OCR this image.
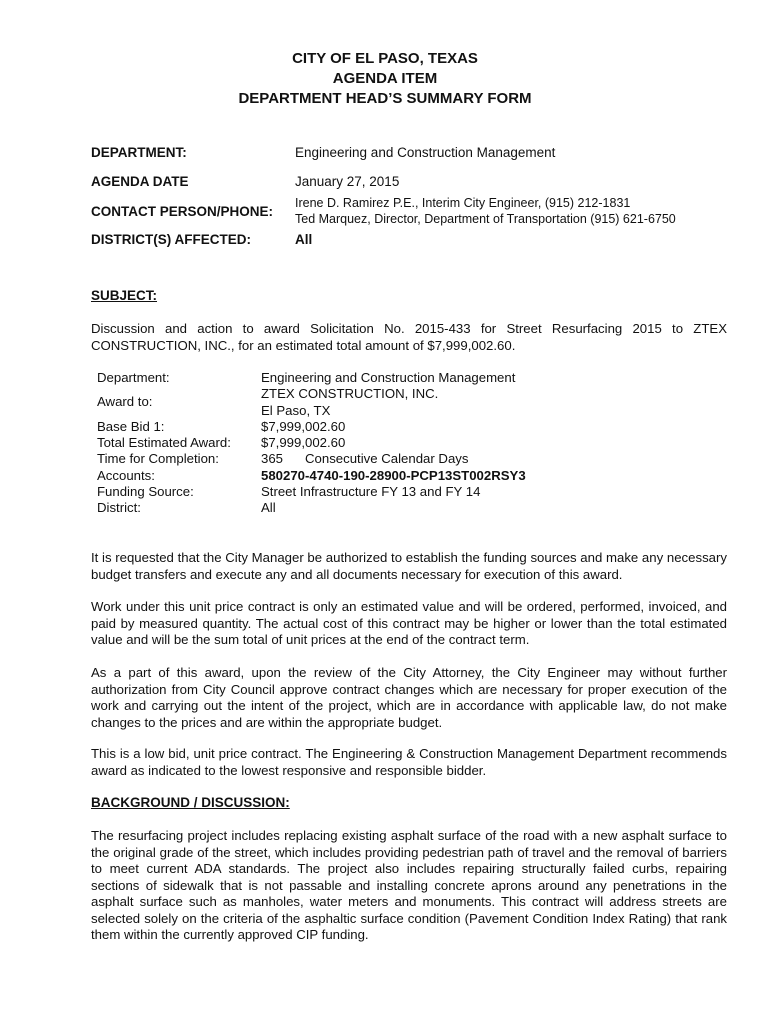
CITY OF EL PASO, TEXAS
AGENDA ITEM
DEPARTMENT HEAD’S SUMMARY FORM
DEPARTMENT:	Engineering and Construction Management
AGENDA DATE	January 27, 2015
CONTACT PERSON/PHONE:
Irene D. Ramirez P.E., Interim City Engineer, (915) 212-1831
Ted Marquez, Director, Department of Transportation (915) 621-6750
DISTRICT(S) AFFECTED:	All
SUBJECT:
Discussion and action to award Solicitation No. 2015-433 for Street Resurfacing 2015 to ZTEX CONSTRUCTION, INC., for an estimated total amount of $7,999,002.60.
Department:	Engineering and Construction Management
Award to:
ZTEX CONSTRUCTION, INC.
El Paso, TX
Base Bid 1:	$7,999,002.60
Total Estimated Award: $7,999,002.60
Time for Completion:	365 Consecutive Calendar Days
Accounts:	580270-4740-190-28900-PCP13ST002RSY3
Funding Source:	Street Infrastructure FY 13 and FY 14
District:	All
It is requested that the City Manager be authorized to establish the funding sources and make any necessary budget transfers and execute any and all documents necessary for execution of this award.
Work under this unit price contract is only an estimated value and will be ordered, performed, invoiced, and paid by measured quantity. The actual cost of this contract may be higher or lower than the total estimated value and will be the sum total of unit prices at the end of the contract term.
As a part of this award, upon the review of the City Attorney, the City Engineer may without further authorization from City Council approve contract changes which are necessary for proper execution of the work and carrying out the intent of the project, which are in accordance with applicable law, do not make changes to the prices and are within the appropriate budget.
This is a low bid, unit price contract. The Engineering & Construction Management Department recommends award as indicated to the lowest responsive and responsible bidder.
BACKGROUND / DISCUSSION:
The resurfacing project includes replacing existing asphalt surface of the road with a new asphalt surface to the original grade of the street, which includes providing pedestrian path of travel and the removal of barriers to meet current ADA standards. The project also includes repairing structurally failed curbs, repairing sections of sidewalk that is not passable and installing concrete aprons around any penetrations in the asphalt surface such as manholes, water meters and monuments. This contract will address streets are selected solely on the criteria of the asphaltic surface condition (Pavement Condition Index Rating) that rank them within the currently approved CIP funding.
